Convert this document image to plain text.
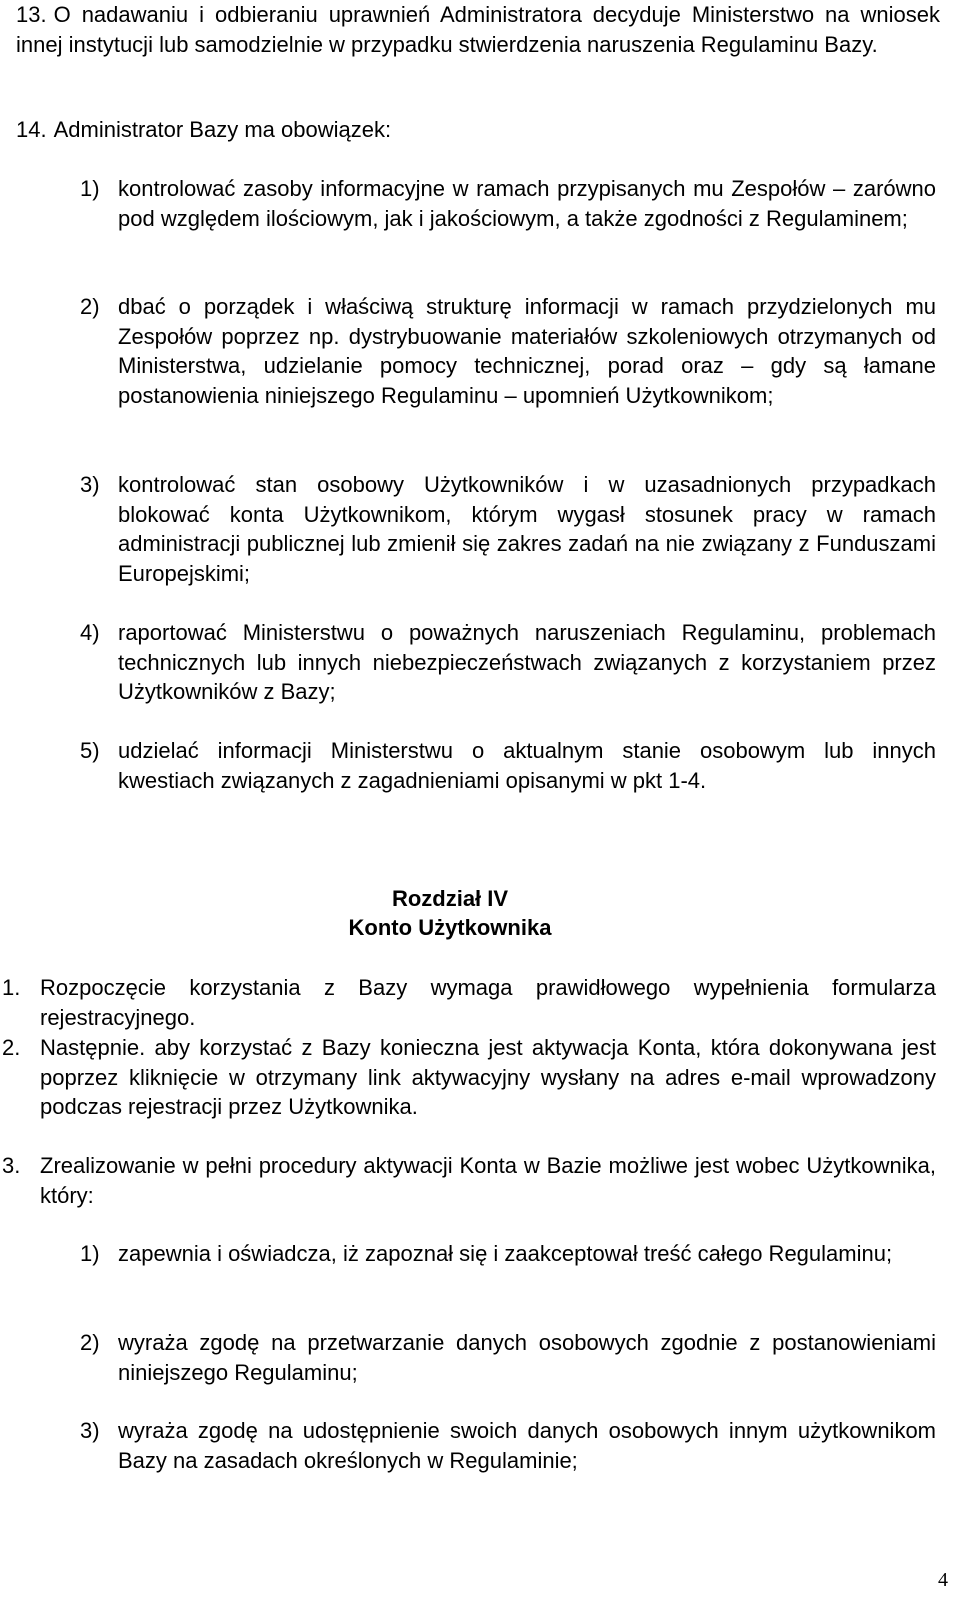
13. O nadawaniu i odbieraniu uprawnień Administratora decyduje Ministerstwo na wniosek innej instytucji lub samodzielnie w przypadku stwierdzenia naruszenia Regulaminu Bazy.
14. Administrator Bazy ma obowiązek:
1) kontrolować zasoby informacyjne w ramach przypisanych mu Zespołów – zarówno pod względem ilościowym, jak i jakościowym, a także zgodności z Regulaminem;
2) dbać o porządek i właściwą strukturę informacji w ramach przydzielonych mu Zespołów poprzez np. dystrybuowanie materiałów szkoleniowych otrzymanych od Ministerstwa, udzielanie pomocy technicznej, porad oraz – gdy są łamane postanowienia niniejszego Regulaminu – upomnień Użytkownikom;
3) kontrolować stan osobowy Użytkowników i w uzasadnionych przypadkach blokować konta Użytkownikom, którym wygasł stosunek pracy w ramach administracji publicznej lub zmienił się zakres zadań na nie związany z Funduszami Europejskimi;
4) raportować Ministerstwu o poważnych naruszeniach Regulaminu, problemach technicznych lub innych niebezpieczeństwach związanych z korzystaniem przez Użytkowników z Bazy;
5) udzielać informacji Ministerstwu o aktualnym stanie osobowym lub innych kwestiach związanych z zagadnieniami opisanymi w pkt 1-4.
Rozdział IV
Konto Użytkownika
1. Rozpoczęcie korzystania z Bazy wymaga prawidłowego wypełnienia formularza rejestracyjnego.
2. Następnie. aby korzystać z Bazy konieczna jest aktywacja Konta, która dokonywana jest poprzez kliknięcie w otrzymany link aktywacyjny wysłany na adres e-mail wprowadzony podczas rejestracji przez Użytkownika.
3. Zrealizowanie w pełni procedury aktywacji Konta w Bazie możliwe jest wobec Użytkownika, który:
1) zapewnia i oświadcza, iż zapoznał się i zaakceptował treść całego Regulaminu;
2) wyraża zgodę na przetwarzanie danych osobowych zgodnie z postanowieniami niniejszego Regulaminu;
3) wyraża zgodę na udostępnienie swoich danych osobowych innym użytkownikom Bazy na zasadach określonych w Regulaminie;
4
